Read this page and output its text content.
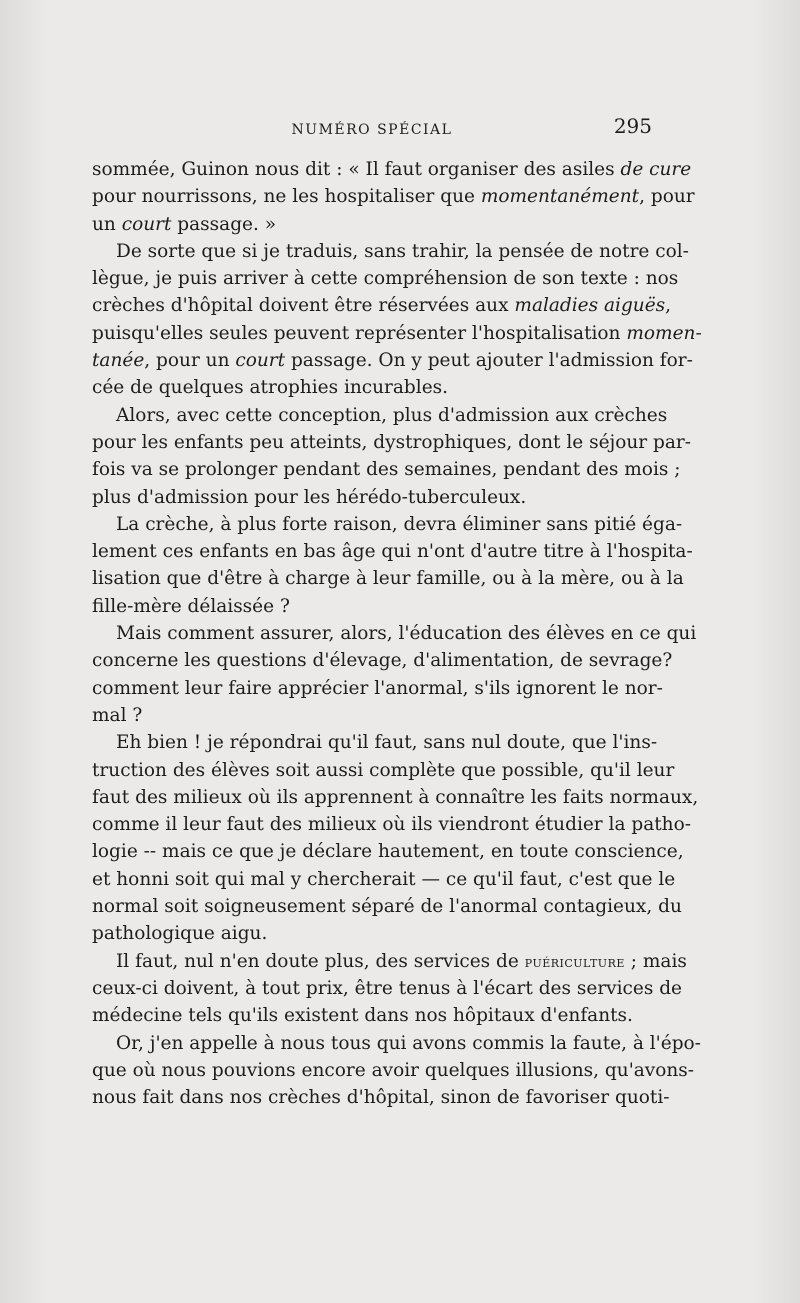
NUMÉRO SPÉCIAL	295
sommée, Guinon nous dit : « Il faut organiser des asiles de cure
pour nourrissons, ne les hospitaliser que momentanément, pour
un court passage. »
De sorte que si je traduis, sans trahir, la pensée de notre col-
lègue, je puis arriver à cette compréhension de son texte : nos
crèches d'hôpital doivent être réservées aux maladies aiguës,
puisqu'elles seules peuvent représenter l'hospitalisation momen-
tanée, pour un court passage. On y peut ajouter l'admission for-
cée de quelques atrophies incurables.
Alors, avec cette conception, plus d'admission aux crèches
pour les enfants peu atteints, dystrophiques, dont le séjour par-
fois va se prolonger pendant des semaines, pendant des mois ;
plus d'admission pour les hérédo-tuberculeux.
La crèche, à plus forte raison, devra éliminer sans pitié éga-
lement ces enfants en bas âge qui n'ont d'autre titre à l'hospita-
lisation que d'être à charge à leur famille, ou à la mère, ou à la
fille-mère délaissée ?
Mais comment assurer, alors, l'éducation des élèves en ce qui
concerne les questions d'élevage, d'alimentation, de sevrage?
comment leur faire apprécier l'anormal, s'ils ignorent le nor-
mal ?
Eh bien ! je répondrai qu'il faut, sans nul doute, que l'ins-
truction des élèves soit aussi complète que possible, qu'il leur
faut des milieux où ils apprennent à connaître les faits normaux,
comme il leur faut des milieux où ils viendront étudier la patho-
logie -- mais ce que je déclare hautement, en toute conscience,
et honni soit qui mal y chercherait — ce qu'il faut, c'est que le
normal soit soigneusement séparé de l'anormal contagieux, du
pathologique aigu.
Il faut, nul n'en doute plus, des services de puériculture ; mais
ceux-ci doivent, à tout prix, être tenus à l'écart des services de
médecine tels qu'ils existent dans nos hôpitaux d'enfants.
Or, j'en appelle à nous tous qui avons commis la faute, à l'épo-
que où nous pouvions encore avoir quelques illusions, qu'avons-
nous fait dans nos crèches d'hôpital, sinon de favoriser quoti-
